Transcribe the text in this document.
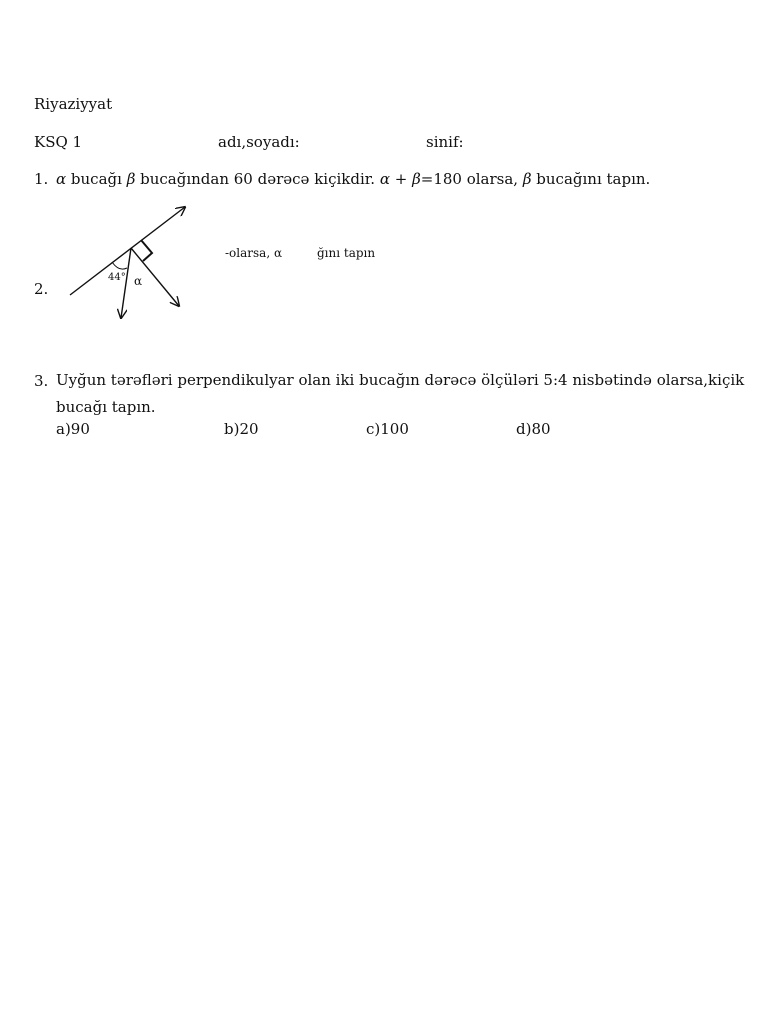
Riyaziyyat
KSQ 1	adı,soyadı:	sinif:
1. α bucağı β bucağından 60 dərəcə kiçikdir. α + β=180 olarsa, β bucağını tapın.
2.
44° α
-olarsa, α	ğını tapın
3. Uyğun tərəfləri perpendikulyar olan iki bucağın dərəcə ölçüləri 5:4 nisbətində olarsa,kiçik bucağı tapın.
a)90	b)20	c)100	d)80
